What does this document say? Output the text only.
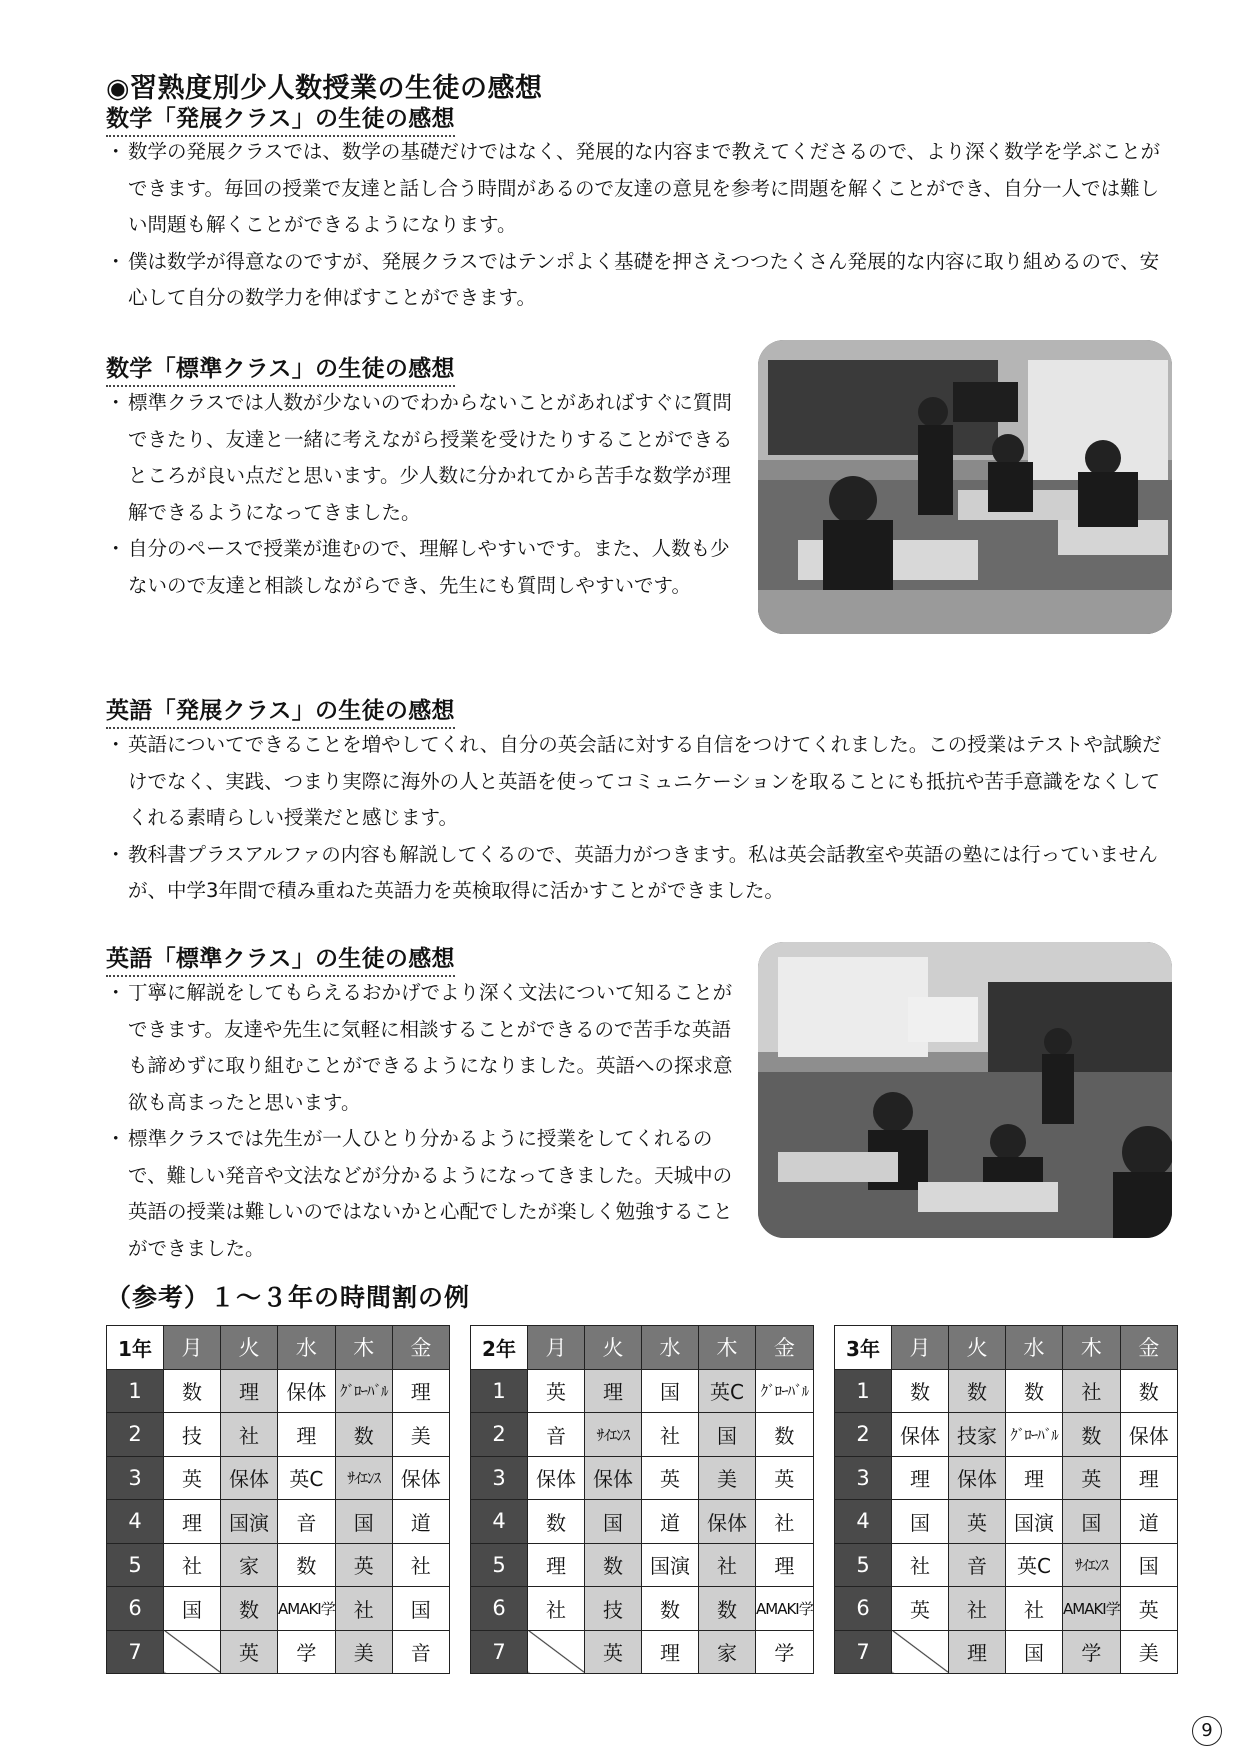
◉習熟度別少人数授業の生徒の感想
数学「発展クラス」の生徒の感想
・ 数学の発展クラスでは、数学の基礎だけではなく、発展的な内容まで教えてくださるので、より深く数学を学ぶことができます。毎回の授業で友達と話し合う時間があるので友達の意見を参考に問題を解くことができ、自分一人では難しい問題も解くことができるようになります。
・ 僕は数学が得意なのですが、発展クラスではテンポよく基礎を押さえつつたくさん発展的な内容に取り組めるので、安心して自分の数学力を伸ばすことができます。
数学「標準クラス」の生徒の感想
・ 標準クラスでは人数が少ないのでわからないことがあればすぐに質問できたり、友達と一緒に考えながら授業を受けたりすることができるところが良い点だと思います。少人数に分かれてから苦手な数学が理解できるようになってきました。
・ 自分のペースで授業が進むので、理解しやすいです。また、人数も少ないので友達と相談しながらでき、先生にも質問しやすいです。
英語「発展クラス」の生徒の感想
・ 英語についてできることを増やしてくれ、自分の英会話に対する自信をつけてくれました。この授業はテストや試験だけでなく、実践、つまり実際に海外の人と英語を使ってコミュニケーションを取ることにも抵抗や苦手意識をなくしてくれる素晴らしい授業だと感じます。
・ 教科書プラスアルファの内容も解説してくるので、英語力がつきます。私は英会話教室や英語の塾には行っていませんが、中学3年間で積み重ねた英語力を英検取得に活かすことができました。
英語「標準クラス」の生徒の感想
・ 丁寧に解説をしてもらえるおかげでより深く文法について知ることができます。友達や先生に気軽に相談することができるので苦手な英語も諦めずに取り組むことができるようになりました。英語への探求意欲も高まったと思います。
・ 標準クラスでは先生が一人ひとり分かるように授業をしてくれるので、難しい発音や文法などが分かるようになってきました。天城中の英語の授業は難しいのではないかと心配でしたが楽しく勉強することができました。
（参考）１～３年の時間割の例
1年	月	火	水	木	金
1	数	理	保体	ｸﾞﾛｰﾊﾞﾙ	理
2	技	社	理	数	美
3	英	保体	英C	ｻｲｴﾝｽ	保体
4	理	国演	音	国	道
5	社	家	数	英	社
6	国	数	AMAKI学	社	国
7		英	学	美	音
2年	月	火	水	木	金
1	英	理	国	英C	ｸﾞﾛｰﾊﾞﾙ
2	音	ｻｲｴﾝｽ	社	国	数
3	保体	保体	英	美	英
4	数	国	道	保体	社
5	理	数	国演	社	理
6	社	技	数	数	AMAKI学
7		英	理	家	学
3年	月	火	水	木	金
1	数	数	数	社	数
2	保体	技家	ｸﾞﾛｰﾊﾞﾙ	数	保体
3	理	保体	理	英	理
4	国	英	国演	国	道
5	社	音	英C	ｻｲｴﾝｽ	国
6	英	社	社	AMAKI学	英
7		理	国	学	美
9
